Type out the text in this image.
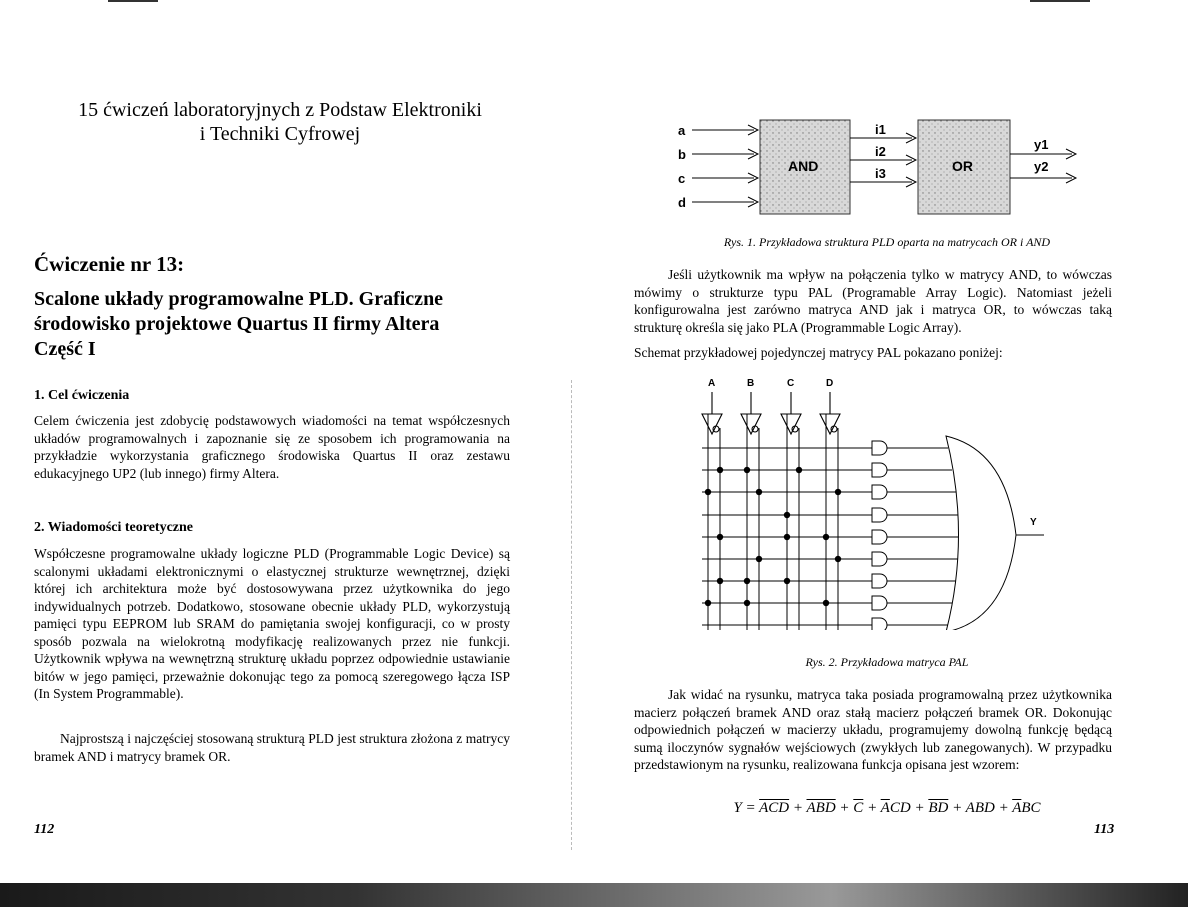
15 ćwiczeń laboratoryjnych z Podstaw Elektroniki
i Techniki Cyfrowej
Ćwiczenie nr 13:
Scalone układy programowalne PLD. Graficzne
środowisko projektowe Quartus II firmy Altera
Część I
1. Cel ćwiczenia
Celem ćwiczenia jest zdobycię podstawowych wiadomości na temat współczesnych układów programowalnych i zapoznanie się ze sposobem ich programowania na przykładzie wykorzystania graficznego środowiska Quartus II oraz zestawu edukacyjnego UP2 (lub innego) firmy Altera.
2. Wiadomości teoretyczne
Współczesne programowalne układy logiczne PLD (Programmable Logic Device) są scalonymi układami elektronicznymi o elastycznej strukturze wewnętrznej, dzięki której ich architektura może być dostosowywana przez użytkownika do jego indywidualnych potrzeb. Dodatkowo, stosowane obecnie układy PLD, wykorzystują pamięci typu EEPROM lub SRAM do pamiętania swojej konfiguracji, co w prosty sposób pozwala na wielokrotną modyfikację realizowanych przez nie funkcji. Użytkownik wpływa na wewnętrzną strukturę układu poprzez odpowiednie ustawianie bitów w jego pamięci, przeważnie dokonując tego za pomocą szeregowego łącza ISP (In System Programmable).
Najprostszą i najczęściej stosowaną strukturą PLD jest struktura złożona z matrycy bramek AND i matrycy bramek OR.
112
AND	OR
a
b
c
d
i1
i2
i3
y1
y2
Rys. 1. Przykładowa struktura PLD oparta na matrycach OR i AND
Jeśli użytkownik ma wpływ na połączenia tylko w matrycy AND, to wówczas mówimy o strukturze typu PAL (Programable Array Logic). Natomiast jeżeli konfigurowalna jest zarówno matryca AND jak i matryca OR, to wówczas taką strukturę określa się jako PLA (Programmable Logic Array).
Schemat przykładowej pojedynczej matrycy PAL pokazano poniżej:
A	B	C	D
Y
Rys. 2. Przykładowa matryca PAL
Jak widać na rysunku, matryca taka posiada programowalną przez użytkownika macierz połączeń bramek AND oraz stałą macierz połączeń bramek OR. Dokonując odpowiednich połączeń w macierzy układu, programujemy dowolną funkcję będącą sumą iloczynów sygnałów wejściowych (zwykłych lub zanegowanych). W przypadku przedstawionym na rysunku, realizowana funkcja opisana jest wzorem:
$Y = \overline{ACD} + \overline{ABD} + \overline{C} + \overline{A}CD + \overline{BD}$ + ABD + $\overline{A}BC$
113
